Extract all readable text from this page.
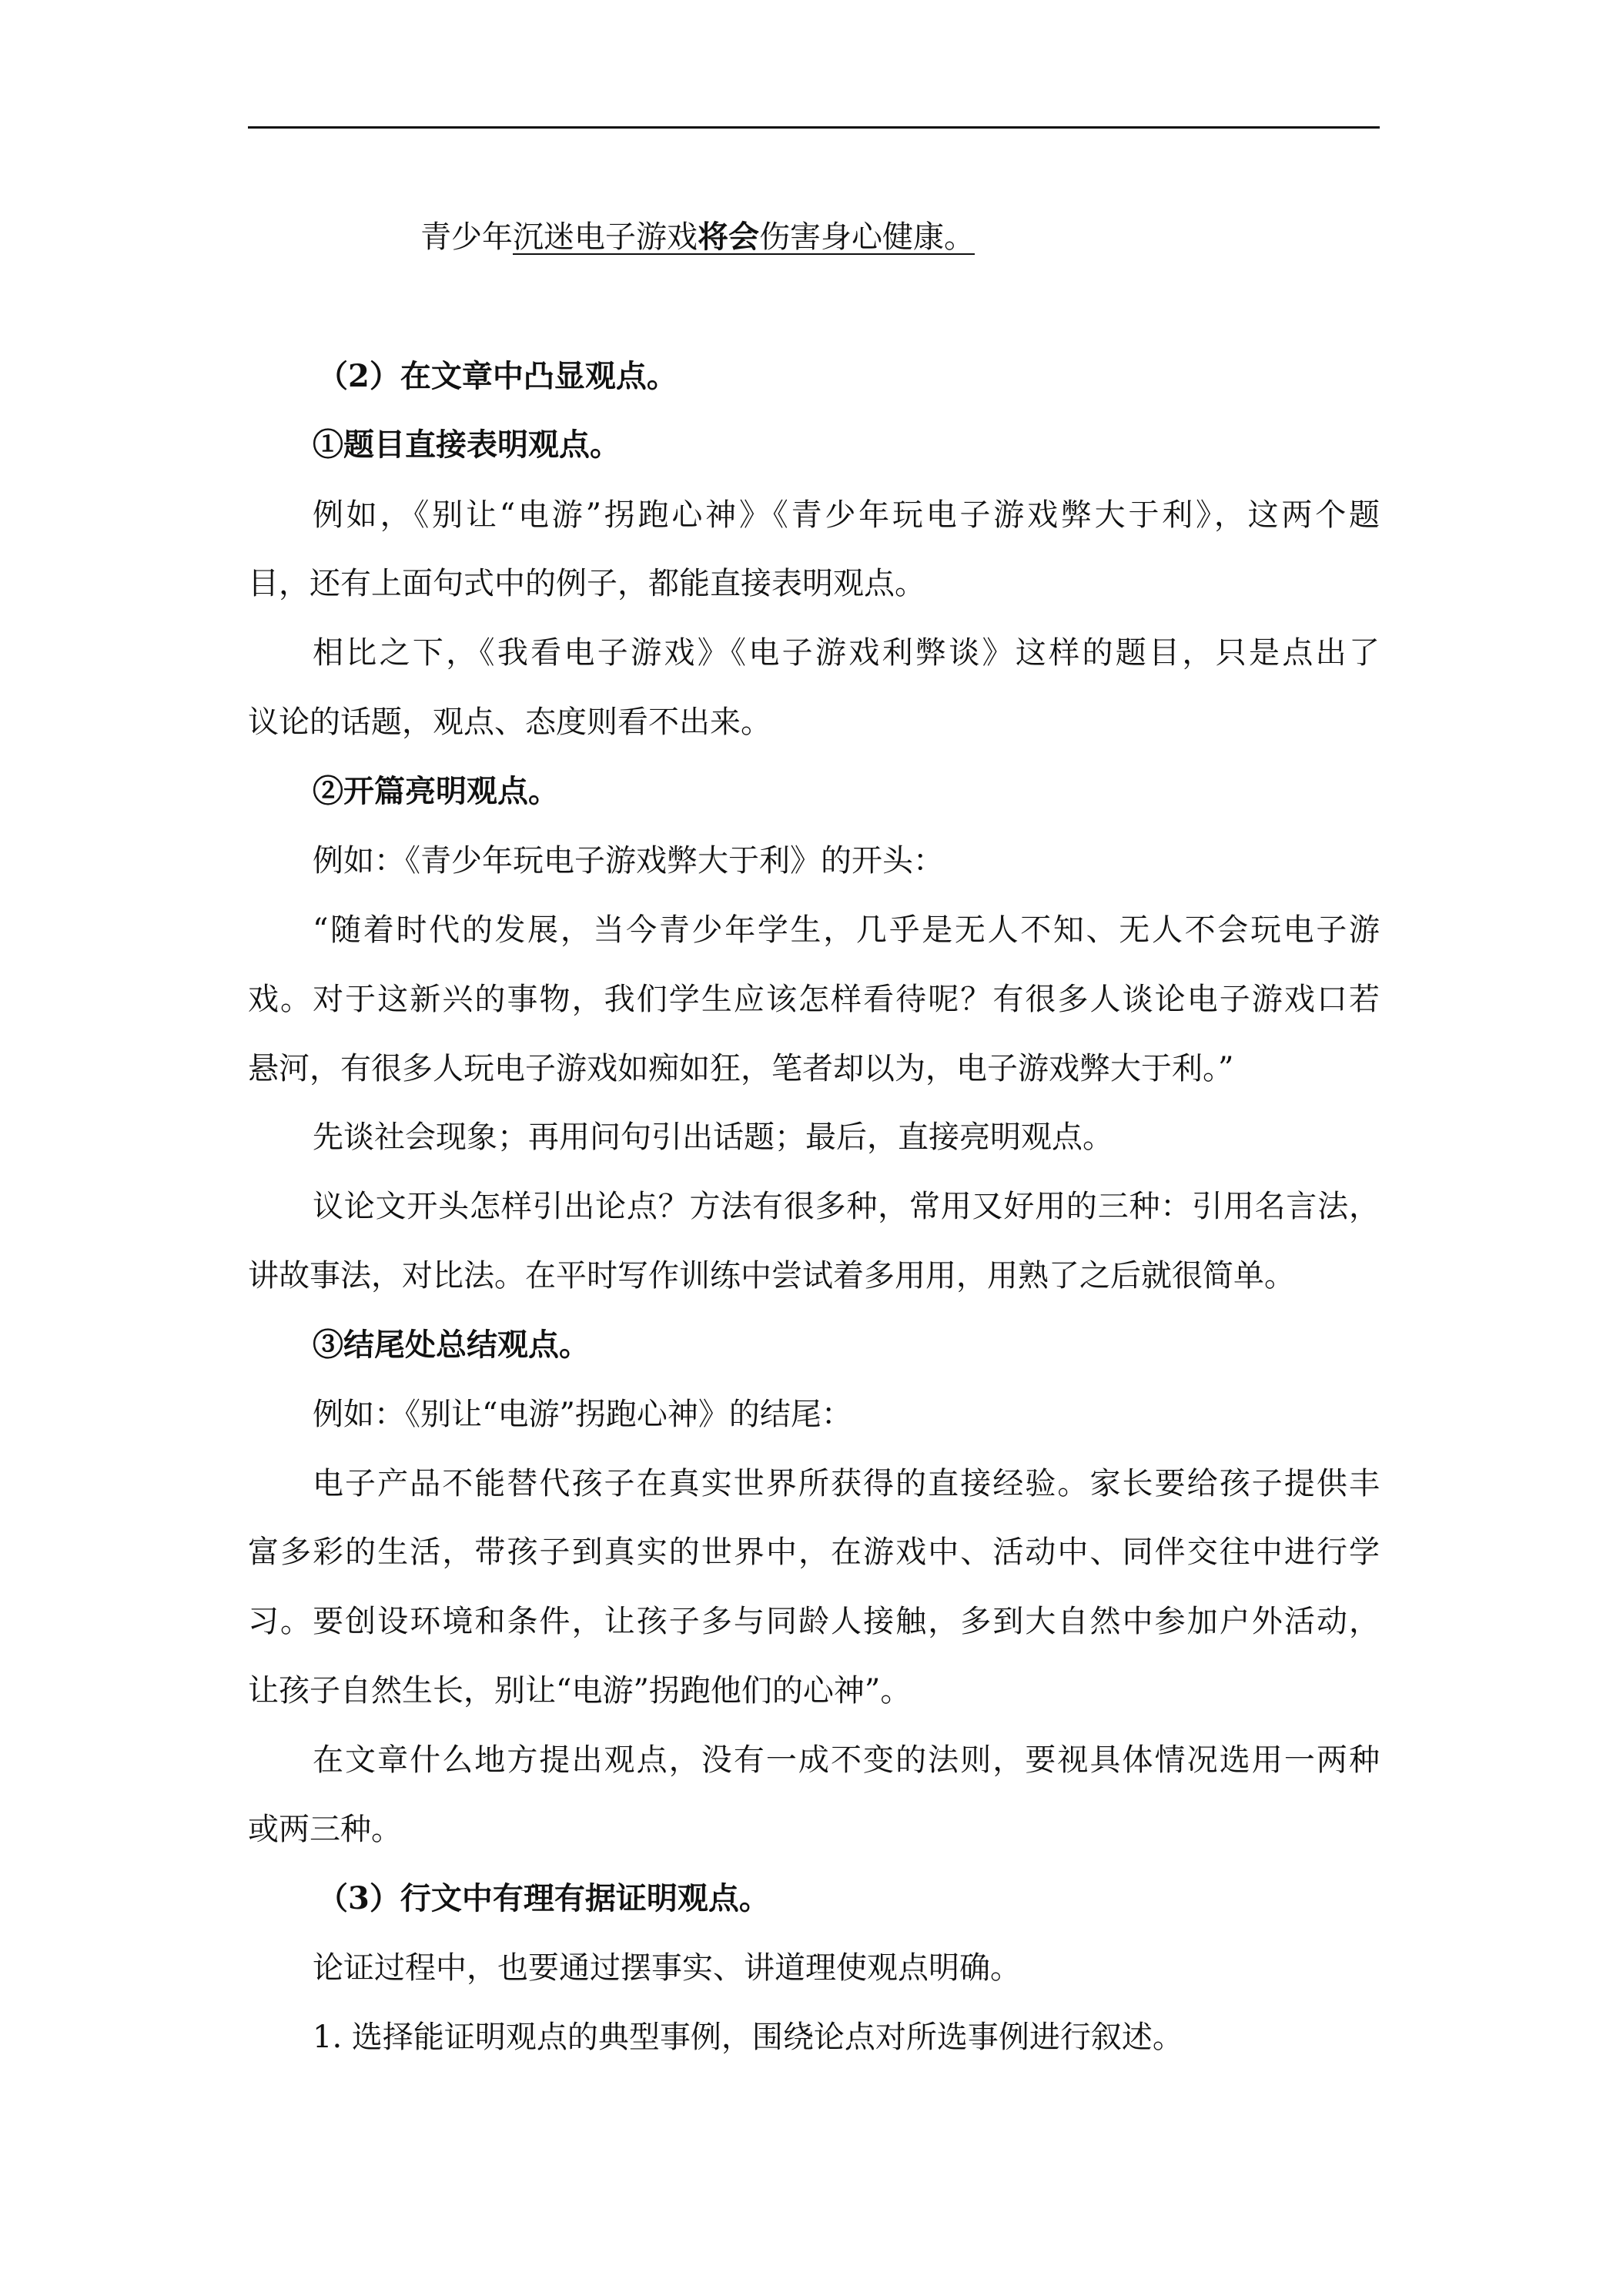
青少年沉迷电子游戏将会伤害身心健康。
（2）在文章中凸显观点。
①题目直接表明观点。
例如，《别让“电游”拐跑心神》《青少年玩电子游戏弊大于利》，这两个题
目，还有上面句式中的例子，都能直接表明观点。
相比之下，《我看电子游戏》《电子游戏利弊谈》这样的题目，只是点出了
议论的话题，观点、态度则看不出来。
②开篇亮明观点。
例如：《青少年玩电子游戏弊大于利》的开头：
“随着时代的发展，当今青少年学生，几乎是无人不知、无人不会玩电子游
戏。对于这新兴的事物，我们学生应该怎样看待呢？有很多人谈论电子游戏口若
悬河，有很多人玩电子游戏如痴如狂，笔者却以为，电子游戏弊大于利。”
先谈社会现象；再用问句引出话题；最后，直接亮明观点。
议论文开头怎样引出论点？方法有很多种，常用又好用的三种：引用名言法，
讲故事法，对比法。在平时写作训练中尝试着多用用，用熟了之后就很简单。
③结尾处总结观点。
例如：《别让“电游”拐跑心神》的结尾：
电子产品不能替代孩子在真实世界所获得的直接经验。家长要给孩子提供丰
富多彩的生活，带孩子到真实的世界中，在游戏中、活动中、同伴交往中进行学
习。要创设环境和条件，让孩子多与同龄人接触，多到大自然中参加户外活动，
让孩子自然生长，别让“电游”拐跑他们的心神”。
在文章什么地方提出观点，没有一成不变的法则，要视具体情况选用一两种
或两三种。
（3）行文中有理有据证明观点。
论证过程中，也要通过摆事实、讲道理使观点明确。
1. 选择能证明观点的典型事例，围绕论点对所选事例进行叙述。
